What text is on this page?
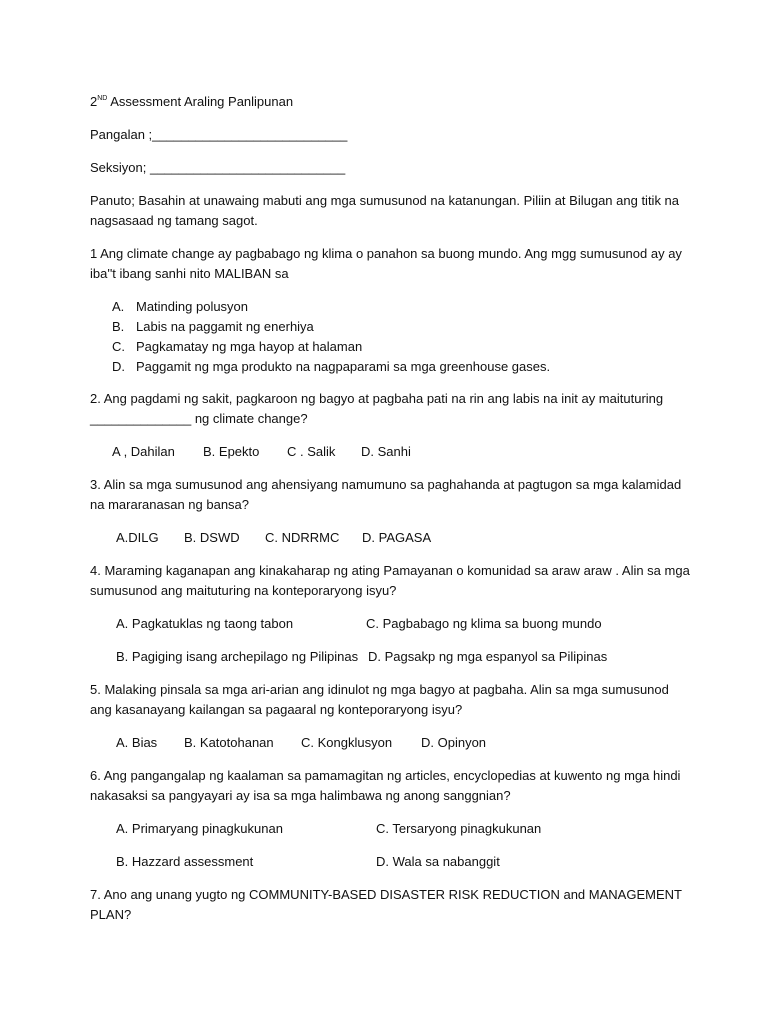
2ND Assessment Araling Panlipunan
Pangalan ;___________________________
Seksiyon; ___________________________
Panuto; Basahin at unawaing mabuti ang mga sumusunod na katanungan. Piliin at Bilugan ang titik na nagsasaad ng tamang sagot.
1 Ang climate change ay pagbabago ng klima o panahon sa buong mundo. Ang mgg sumusunod ay ay iba''t ibang sanhi nito MALIBAN sa
A. Matinding polusyon
B. Labis na paggamit ng enerhiya
C. Pagkamatay ng mga hayop at halaman
D. Paggamit ng mga produkto na nagpaparami sa mga greenhouse gases.
2. Ang pagdami ng sakit, pagkaroon ng bagyo at pagbaha pati na rin ang labis na init ay maituturing ______________ ng climate change?
A , Dahilan B. Epekto C . Salik D. Sanhi
3. Alin sa mga sumusunod ang ahensiyang namumuno sa paghahanda at pagtugon sa mga kalamidad na mararanasan ng bansa?
A.DILG B. DSWD C. NDRRMC D. PAGASA
4. Maraming kaganapan ang kinakaharap ng ating Pamayanan o komunidad sa araw araw . Alin sa mga sumusunod ang maituturing na konteporaryong isyu?
A. Pagkatuklas ng taong tabon	C. Pagbabago ng klima sa buong mundo
B. Pagiging isang archepilago ng Pilipinas D. Pagsakp ng mga espanyol sa Pilipinas
5. Malaking pinsala sa mga ari-arian ang idinulot ng mga bagyo at pagbaha. Alin sa mga sumusunod ang kasanayang kailangan sa pagaaral ng konteporaryong isyu?
A. Bias B. Katotohanan C. Kongklusyon D. Opinyon
6. Ang pangangalap ng kaalaman sa pamamagitan ng articles, encyclopedias at kuwento ng mga hindi nakasaksi sa pangyayari ay isa sa mga halimbawa ng anong sanggnian?
A. Primaryang pinagkukunan	C. Tersaryong pinagkukunan
B. Hazzard assessment	D. Wala sa nabanggit
7. Ano ang unang yugto ng COMMUNITY-BASED DISASTER RISK REDUCTION and MANAGEMENT PLAN?
